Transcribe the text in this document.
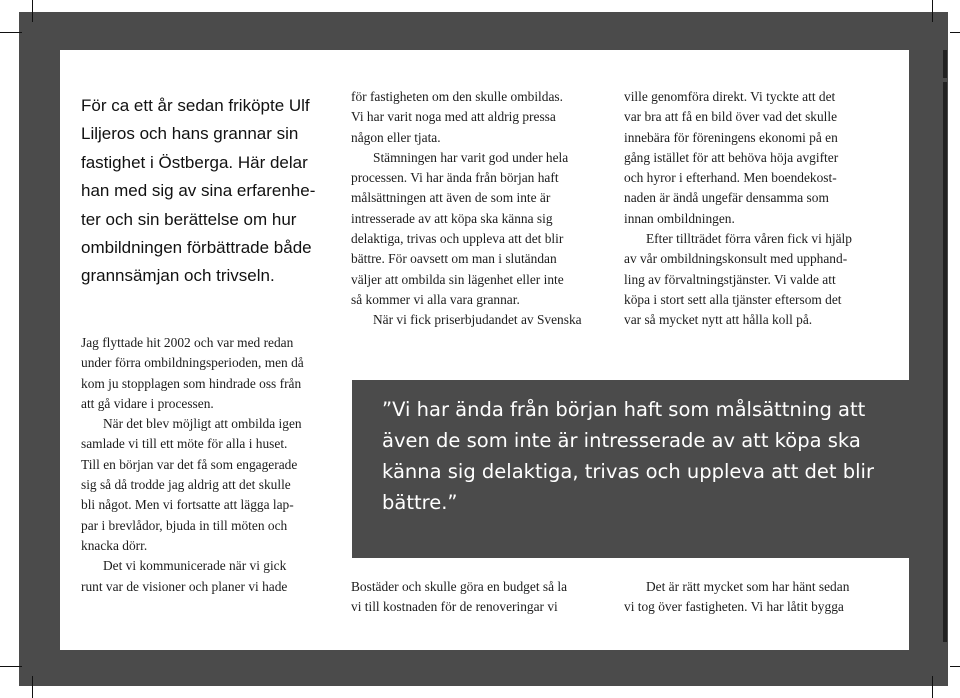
För ca ett år sedan friköpte Ulf
Liljeros och hans grannar sin
fastighet i Östberga. Här delar
han med sig av sina erfarenhe-
ter och sin berättelse om hur
ombildningen förbättrade både
grannsämjan och trivseln.
Jag flyttade hit 2002 och var med redan
under förra ombildningsperioden, men då
kom ju stopplagen som hindrade oss från
att gå vidare i processen.
När det blev möjligt att ombilda igen
samlade vi till ett möte för alla i huset.
Till en början var det få som engagerade
sig så då trodde jag aldrig att det skulle
bli något. Men vi fortsatte att lägga lap-
par i brevlådor, bjuda in till möten och
knacka dörr.
Det vi kommunicerade när vi gick
runt var de visioner och planer vi hade
för fastigheten om den skulle ombildas.
Vi har varit noga med att aldrig pressa
någon eller tjata.
Stämningen har varit god under hela
processen. Vi har ända från början haft
målsättningen att även de som inte är
intresserade av att köpa ska känna sig
delaktiga, trivas och uppleva att det blir
bättre. För oavsett om man i slutändan
väljer att ombilda sin lägenhet eller inte
så kommer vi alla vara grannar.
När vi fick priserbjudandet av Svenska
ville genomföra direkt. Vi tyckte att det
var bra att få en bild över vad det skulle
innebära för föreningens ekonomi på en
gång istället för att behöva höja avgifter
och hyror i efterhand. Men boendekost-
naden är ändå ungefär densamma som
innan ombildningen.
Efter tillträdet förra våren fick vi hjälp
av vår ombildningskonsult med upphand-
ling av förvaltningstjänster. Vi valde att
köpa i stort sett alla tjänster eftersom det
var så mycket nytt att hålla koll på.
”Vi har ända från början haft som målsättning att
även de som inte är intresserade av att köpa ska
känna sig delaktiga, trivas och uppleva att det blir
bättre.”
Bostäder och skulle göra en budget så la
vi till kostnaden för de renoveringar vi
Det är rätt mycket som har hänt sedan
vi tog över fastigheten. Vi har låtit bygga
